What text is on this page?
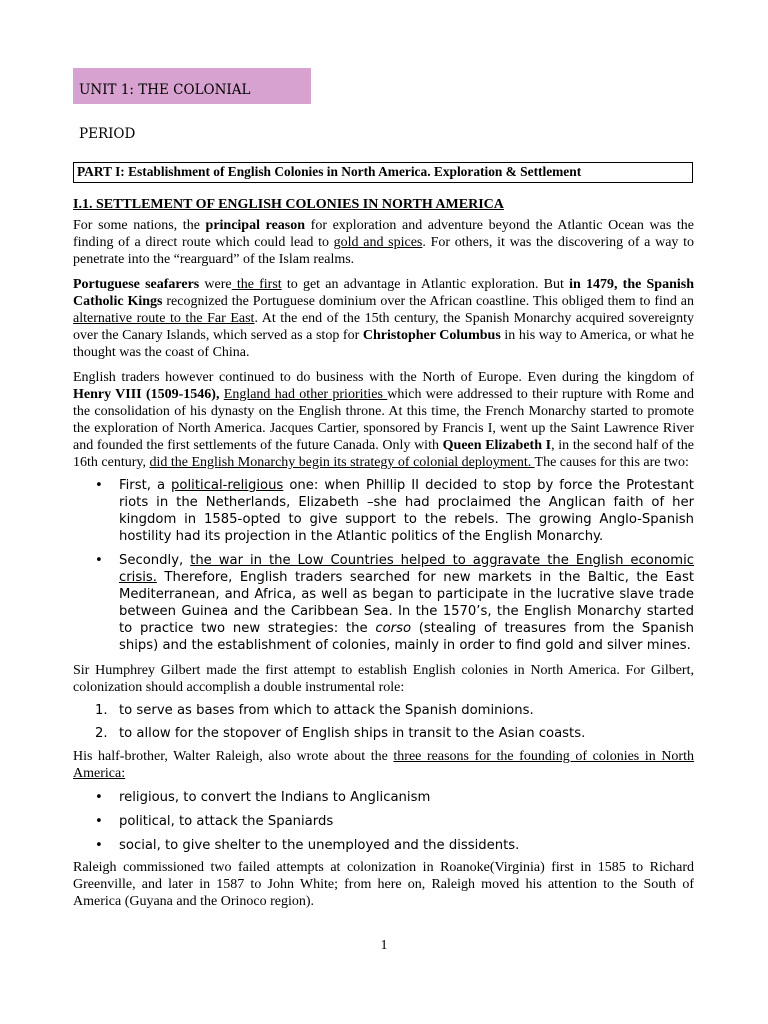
UNIT 1: THE COLONIAL PERIOD
PART I: Establishment of English Colonies in North America. Exploration & Settlement
I.1. SETTLEMENT OF ENGLISH COLONIES IN NORTH AMERICA

For some nations, the principal reason for exploration and adventure beyond the Atlantic Ocean was the finding of a direct route which could lead to gold and spices. For others, it was the discovering of a way to penetrate into the “rearguard” of the Islam realms.

Portuguese seafarers were the first to get an advantage in Atlantic exploration. But in 1479, the Spanish Catholic Kings recognized the Portuguese dominium over the African coastline. This obliged them to find an alternative route to the Far East. At the end of the 15th century, the Spanish Monarchy acquired sovereignty over the Canary Islands, which served as a stop for Christopher Columbus in his way to America, or what he thought was the coast of China.

English traders however continued to do business with the North of Europe. Even during the kingdom of Henry VIII (1509-1546), England had other priorities which were addressed to their rupture with Rome and the consolidation of his dynasty on the English throne. At this time, the French Monarchy started to promote the exploration of North America. Jacques Cartier, sponsored by Francis I, went up the Saint Lawrence River and founded the first settlements of the future Canada. Only with Queen Elizabeth I, in the second half of the 16th century, did the English Monarchy begin its strategy of colonial deployment. The causes for this are two:

• First, a political-religious one: when Phillip II decided to stop by force the Protestant riots in the Netherlands, Elizabeth –she had proclaimed the Anglican faith of her kingdom in 1585-opted to give support to the rebels. The growing Anglo-Spanish hostility had its projection in the Atlantic politics of the English Monarchy.
• Secondly, the war in the Low Countries helped to aggravate the English economic crisis. Therefore, English traders searched for new markets in the Baltic, the East Mediterranean, and Africa, as well as began to participate in the lucrative slave trade between Guinea and the Caribbean Sea. In the 1570’s, the English Monarchy started to practice two new strategies: the corso (stealing of treasures from the Spanish ships) and the establishment of colonies, mainly in order to find gold and silver mines.

Sir Humphrey Gilbert made the first attempt to establish English colonies in North America. For Gilbert, colonization should accomplish a double instrumental role:

1. to serve as bases from which to attack the Spanish dominions.
2. to allow for the stopover of English ships in transit to the Asian coasts.

His half-brother, Walter Raleigh, also wrote about the three reasons for the founding of colonies in North America:

• religious, to convert the Indians to Anglicanism
• political, to attack the Spaniards
• social, to give shelter to the unemployed and the dissidents.

Raleigh commissioned two failed attempts at colonization in Roanoke(Virginia) first in 1585 to Richard Greenville, and later in 1587 to John White; from here on, Raleigh moved his attention to the South of America (Guyana and the Orinoco region).

1
